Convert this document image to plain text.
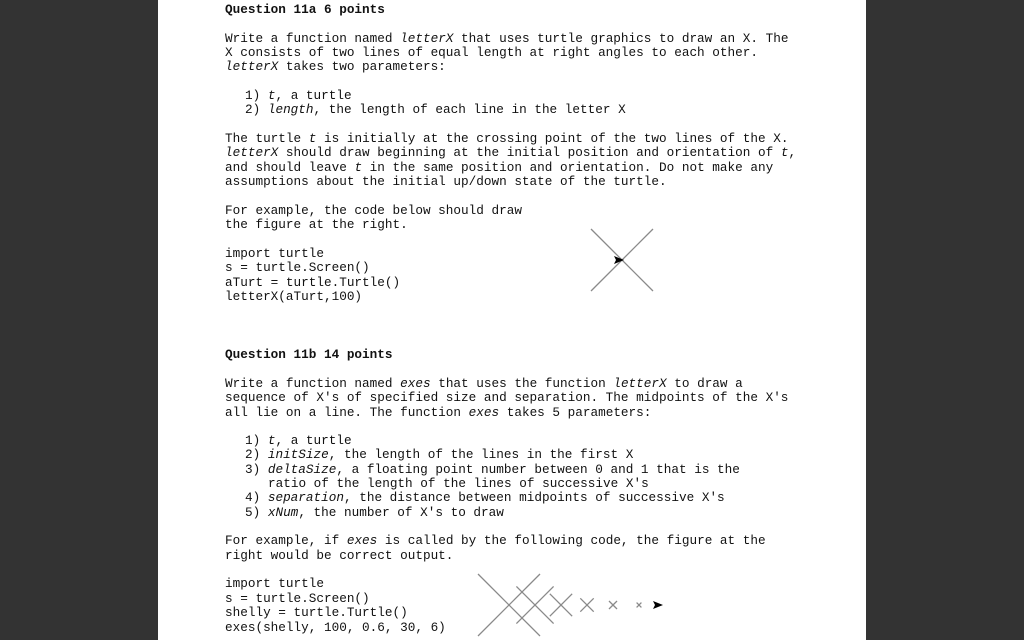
Question 11a 6 points
Write a function named letterX that uses turtle graphics to draw an X. The
X consists of two lines of equal length at right angles to each other.
letterX takes two parameters:
1) t, a turtle
2) length, the length of each line in the letter X
The turtle t is initially at the crossing point of the two lines of the X.
letterX should draw beginning at the initial position and orientation of t,
and should leave t in the same position and orientation. Do not make any
assumptions about the initial up/down state of the turtle.
For example, the code below should draw
the figure at the right.
import turtle
s = turtle.Screen()
aTurt = turtle.Turtle()
letterX(aTurt,100)
Question 11b 14 points
Write a function named exes that uses the function letterX to draw a
sequence of X's of specified size and separation. The midpoints of the X's
all lie on a line. The function exes takes 5 parameters:
1) t, a turtle
2) initSize, the length of the lines in the first X
3) deltaSize, a floating point number between 0 and 1 that is the
ratio of the length of the lines of successive X's
4) separation, the distance between midpoints of successive X's
5) xNum, the number of X's to draw
For example, if exes is called by the following code, the figure at the
right would be correct output.
import turtle
s = turtle.Screen()
shelly = turtle.Turtle()
exes(shelly, 100, 0.6, 30, 6)
